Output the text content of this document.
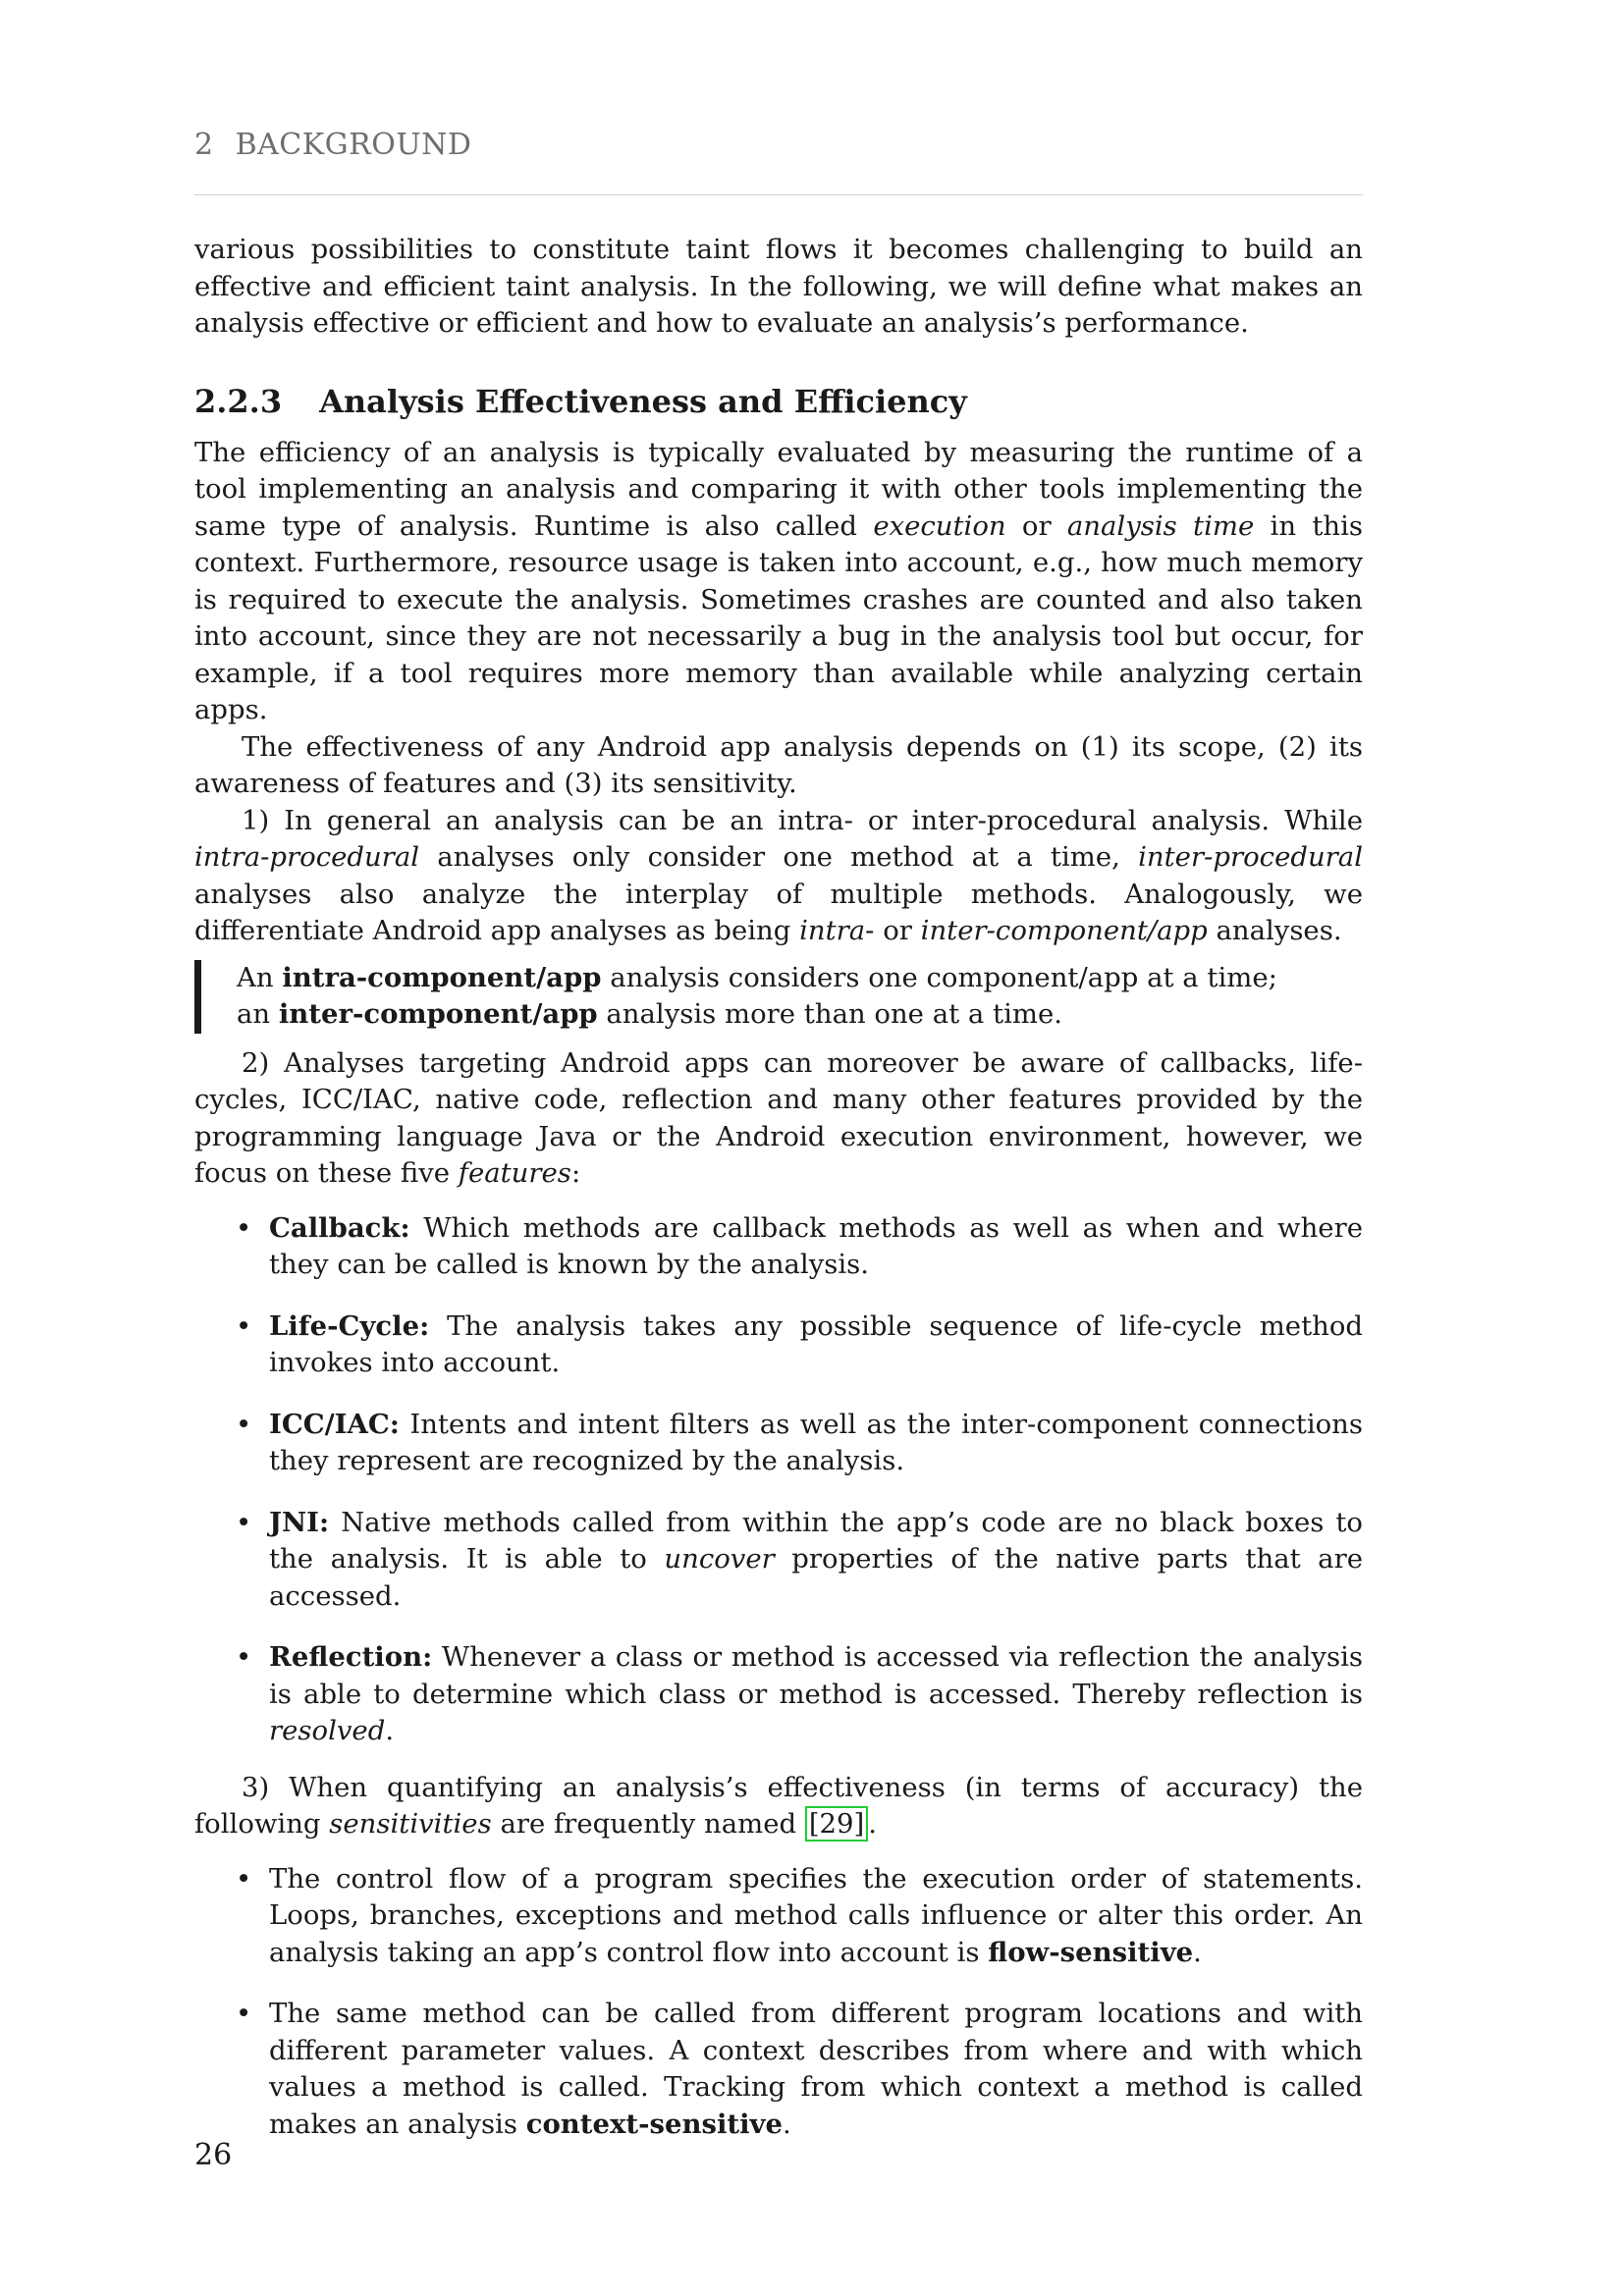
2 BACKGROUND

various possibilities to constitute taint flows it becomes challenging to build an effective and efficient taint analysis. In the following, we will define what makes an analysis effective or efficient and how to evaluate an analysis’s performance.

2.2.3 Analysis Effectiveness and Efficiency

The efficiency of an analysis is typically evaluated by measuring the runtime of a tool implementing an analysis and comparing it with other tools implementing the same type of analysis. Runtime is also called execution or analysis time in this context. Furthermore, resource usage is taken into account, e.g., how much memory is required to execute the analysis. Sometimes crashes are counted and also taken into account, since they are not necessarily a bug in the analysis tool but occur, for example, if a tool requires more memory than available while analyzing certain apps.

The effectiveness of any Android app analysis depends on (1) its scope, (2) its awareness of features and (3) its sensitivity.

1) In general an analysis can be an intra- or inter-procedural analysis. While intra-procedural analyses only consider one method at a time, inter-procedural analyses also analyze the interplay of multiple methods. Analogously, we differentiate Android app analyses as being intra- or inter-component/app analyses.

An intra-component/app analysis considers one component/app at a time;
an inter-component/app analysis more than one at a time.

2) Analyses targeting Android apps can moreover be aware of callbacks, life-cycles, ICC/IAC, native code, reflection and many other features provided by the programming language Java or the Android execution environment, however, we focus on these five features:

• Callback: Which methods are callback methods as well as when and where they can be called is known by the analysis.
• Life-Cycle: The analysis takes any possible sequence of life-cycle method invokes into account.
• ICC/IAC: Intents and intent filters as well as the inter-component connections they represent are recognized by the analysis.
• JNI: Native methods called from within the app’s code are no black boxes to the analysis. It is able to uncover properties of the native parts that are accessed.
• Reflection: Whenever a class or method is accessed via reflection the analysis is able to determine which class or method is accessed. Thereby reflection is resolved.

3) When quantifying an analysis’s effectiveness (in terms of accuracy) the following sensitivities are frequently named [29] .

• The control flow of a program specifies the execution order of statements. Loops, branches, exceptions and method calls influence or alter this order. An analysis taking an app’s control flow into account is flow-sensitive.
• The same method can be called from different program locations and with different parameter values. A context describes from where and with which values a method is called. Tracking from which context a method is called makes an analysis context-sensitive.
26
